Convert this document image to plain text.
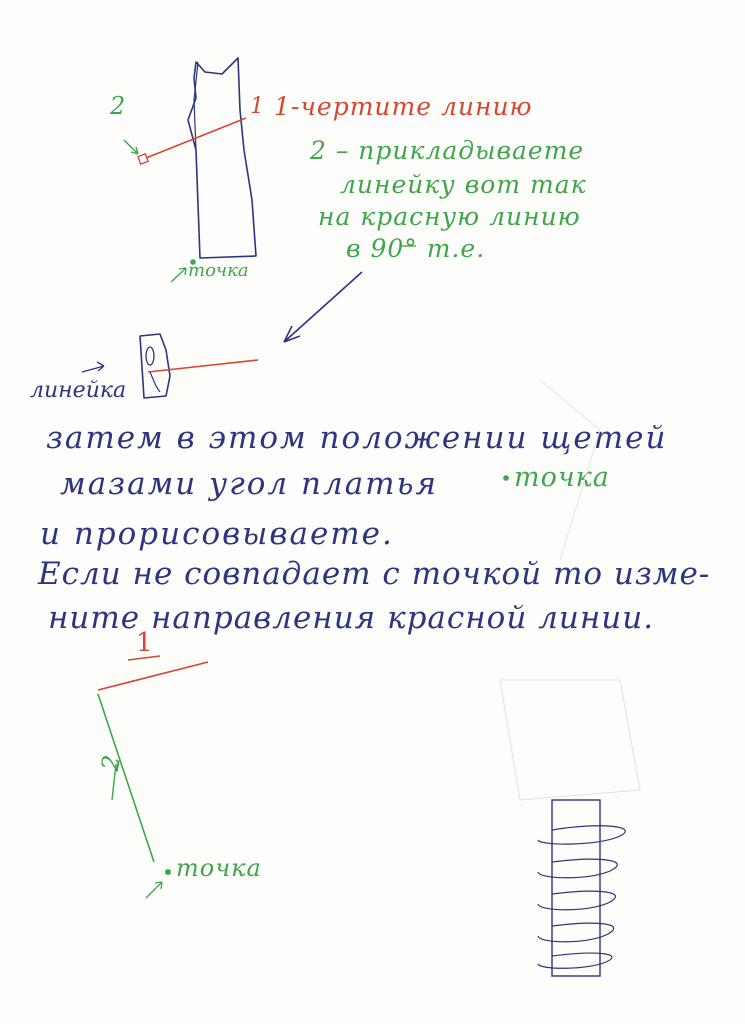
2	1 1-чертите линию
2 – прикладываете
линейку вот так
на красную линию
в 90° т.е.
точка
линейка
затем в этом положении щетей
мазами угол платья	точка
и прорисовываете.
Если не совпадает с точкой то изме-
ните направления красной линии.
1
2
точка
